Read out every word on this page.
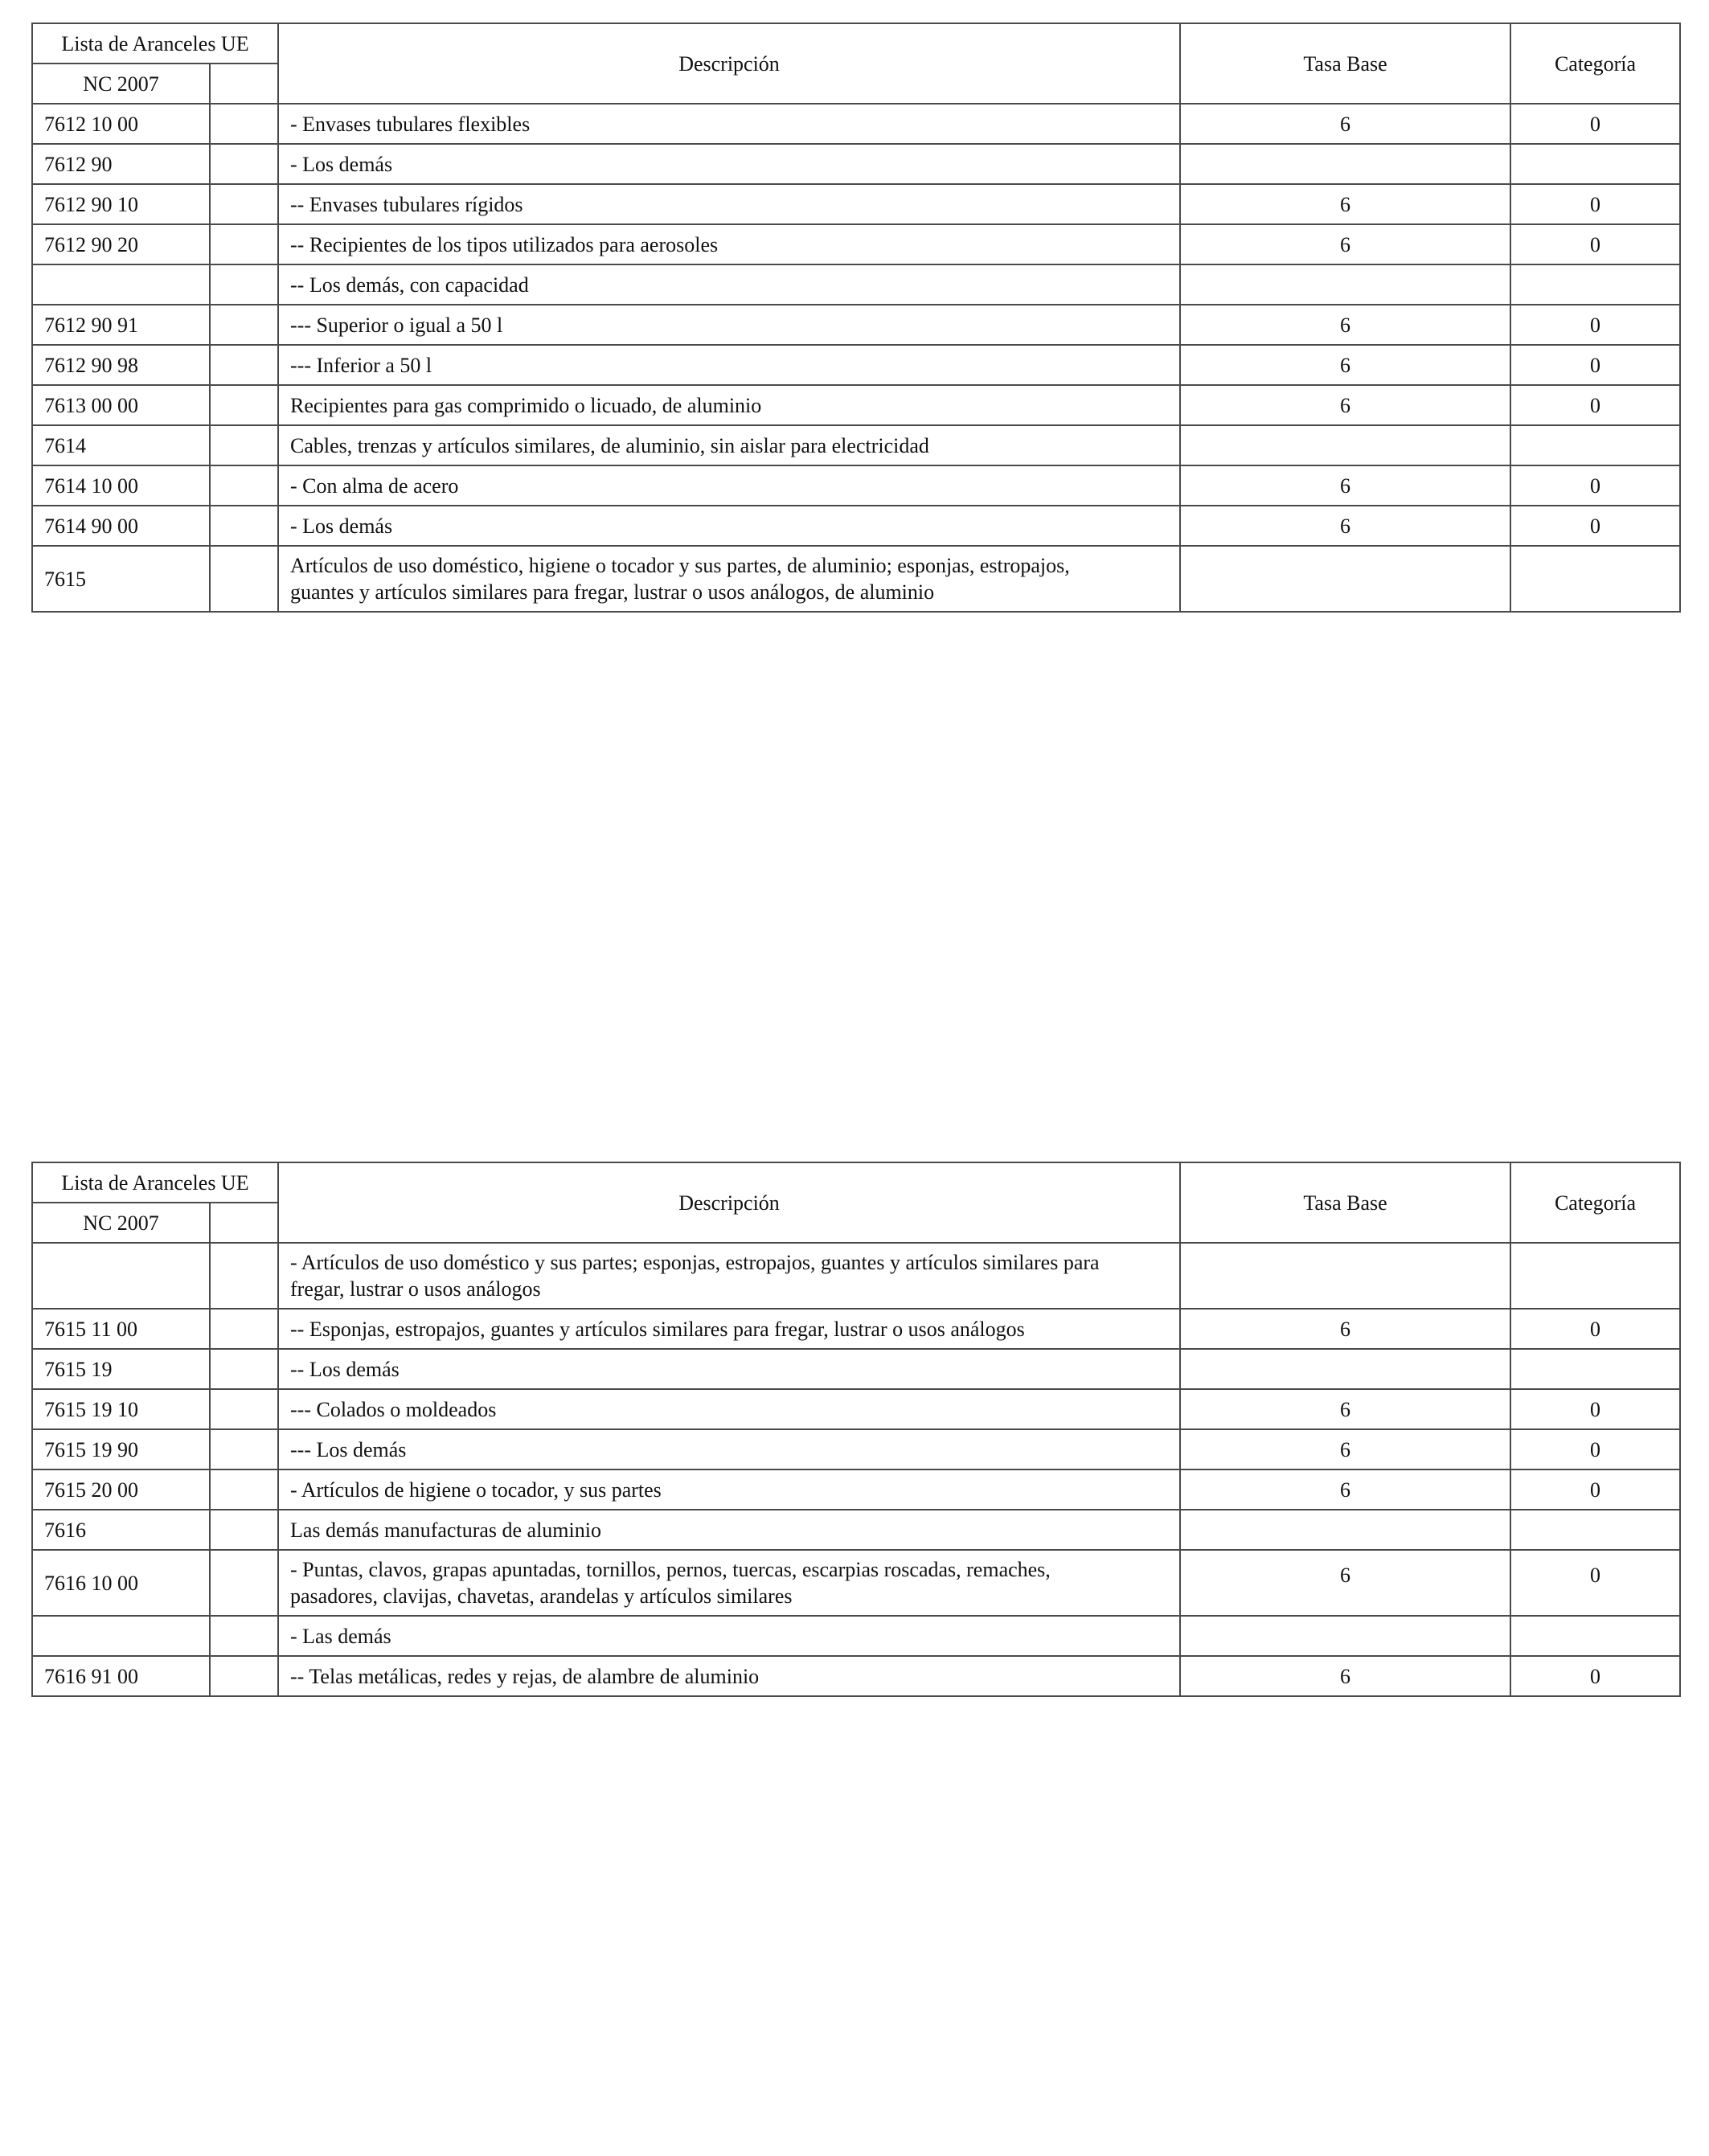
Lista de Aranceles UE		Descripción	Tasa Base	Categoría
NC 2007				
7612 10 00		- Envases tubulares flexibles	6	0
7612 90		- Los demás		
7612 90 10		-- Envases tubulares rígidos	6	0
7612 90 20		-- Recipientes de los tipos utilizados para aerosoles	6	0
		-- Los demás, con capacidad		
7612 90 91		--- Superior o igual a 50 l	6	0
7612 90 98		--- Inferior a 50 l	6	0
7613 00 00		Recipientes para gas comprimido o licuado, de aluminio	6	0
7614		Cables, trenzas y artículos similares, de aluminio, sin aislar para electricidad		
7614 10 00		- Con alma de acero	6	0
7614 90 00		- Los demás	6	0
7615		Artículos de uso doméstico, higiene o tocador y sus partes, de aluminio; esponjas, estropajos,
guantes y artículos similares para fregar, lustrar o usos análogos, de aluminio		

Lista de Aranceles UE		Descripción	Tasa Base	Categoría
NC 2007				

		- Artículos de uso doméstico y sus partes; esponjas, estropajos, guantes y artículos similares para
fregar, lustrar o usos análogos		

7615 11 00		-- Esponjas, estropajos, guantes y artículos similares para fregar, lustrar o usos análogos	6	0
7615 19		-- Los demás		
7615 19 10		--- Colados o moldeados	6	0
7615 19 90		--- Los demás	6	0
7615 20 00		- Artículos de higiene o tocador, y sus partes	6	0
7616		Las demás manufacturas de aluminio		
7616 10 00		- Puntas, clavos, grapas apuntadas, tornillos, pernos, tuercas, escarpias roscadas, remaches,
pasadores, clavijas, chavetas, arandelas y artículos similares	6	0
		- Las demás		
7616 91 00		-- Telas metálicas, redes y rejas, de alambre de aluminio	6	0
